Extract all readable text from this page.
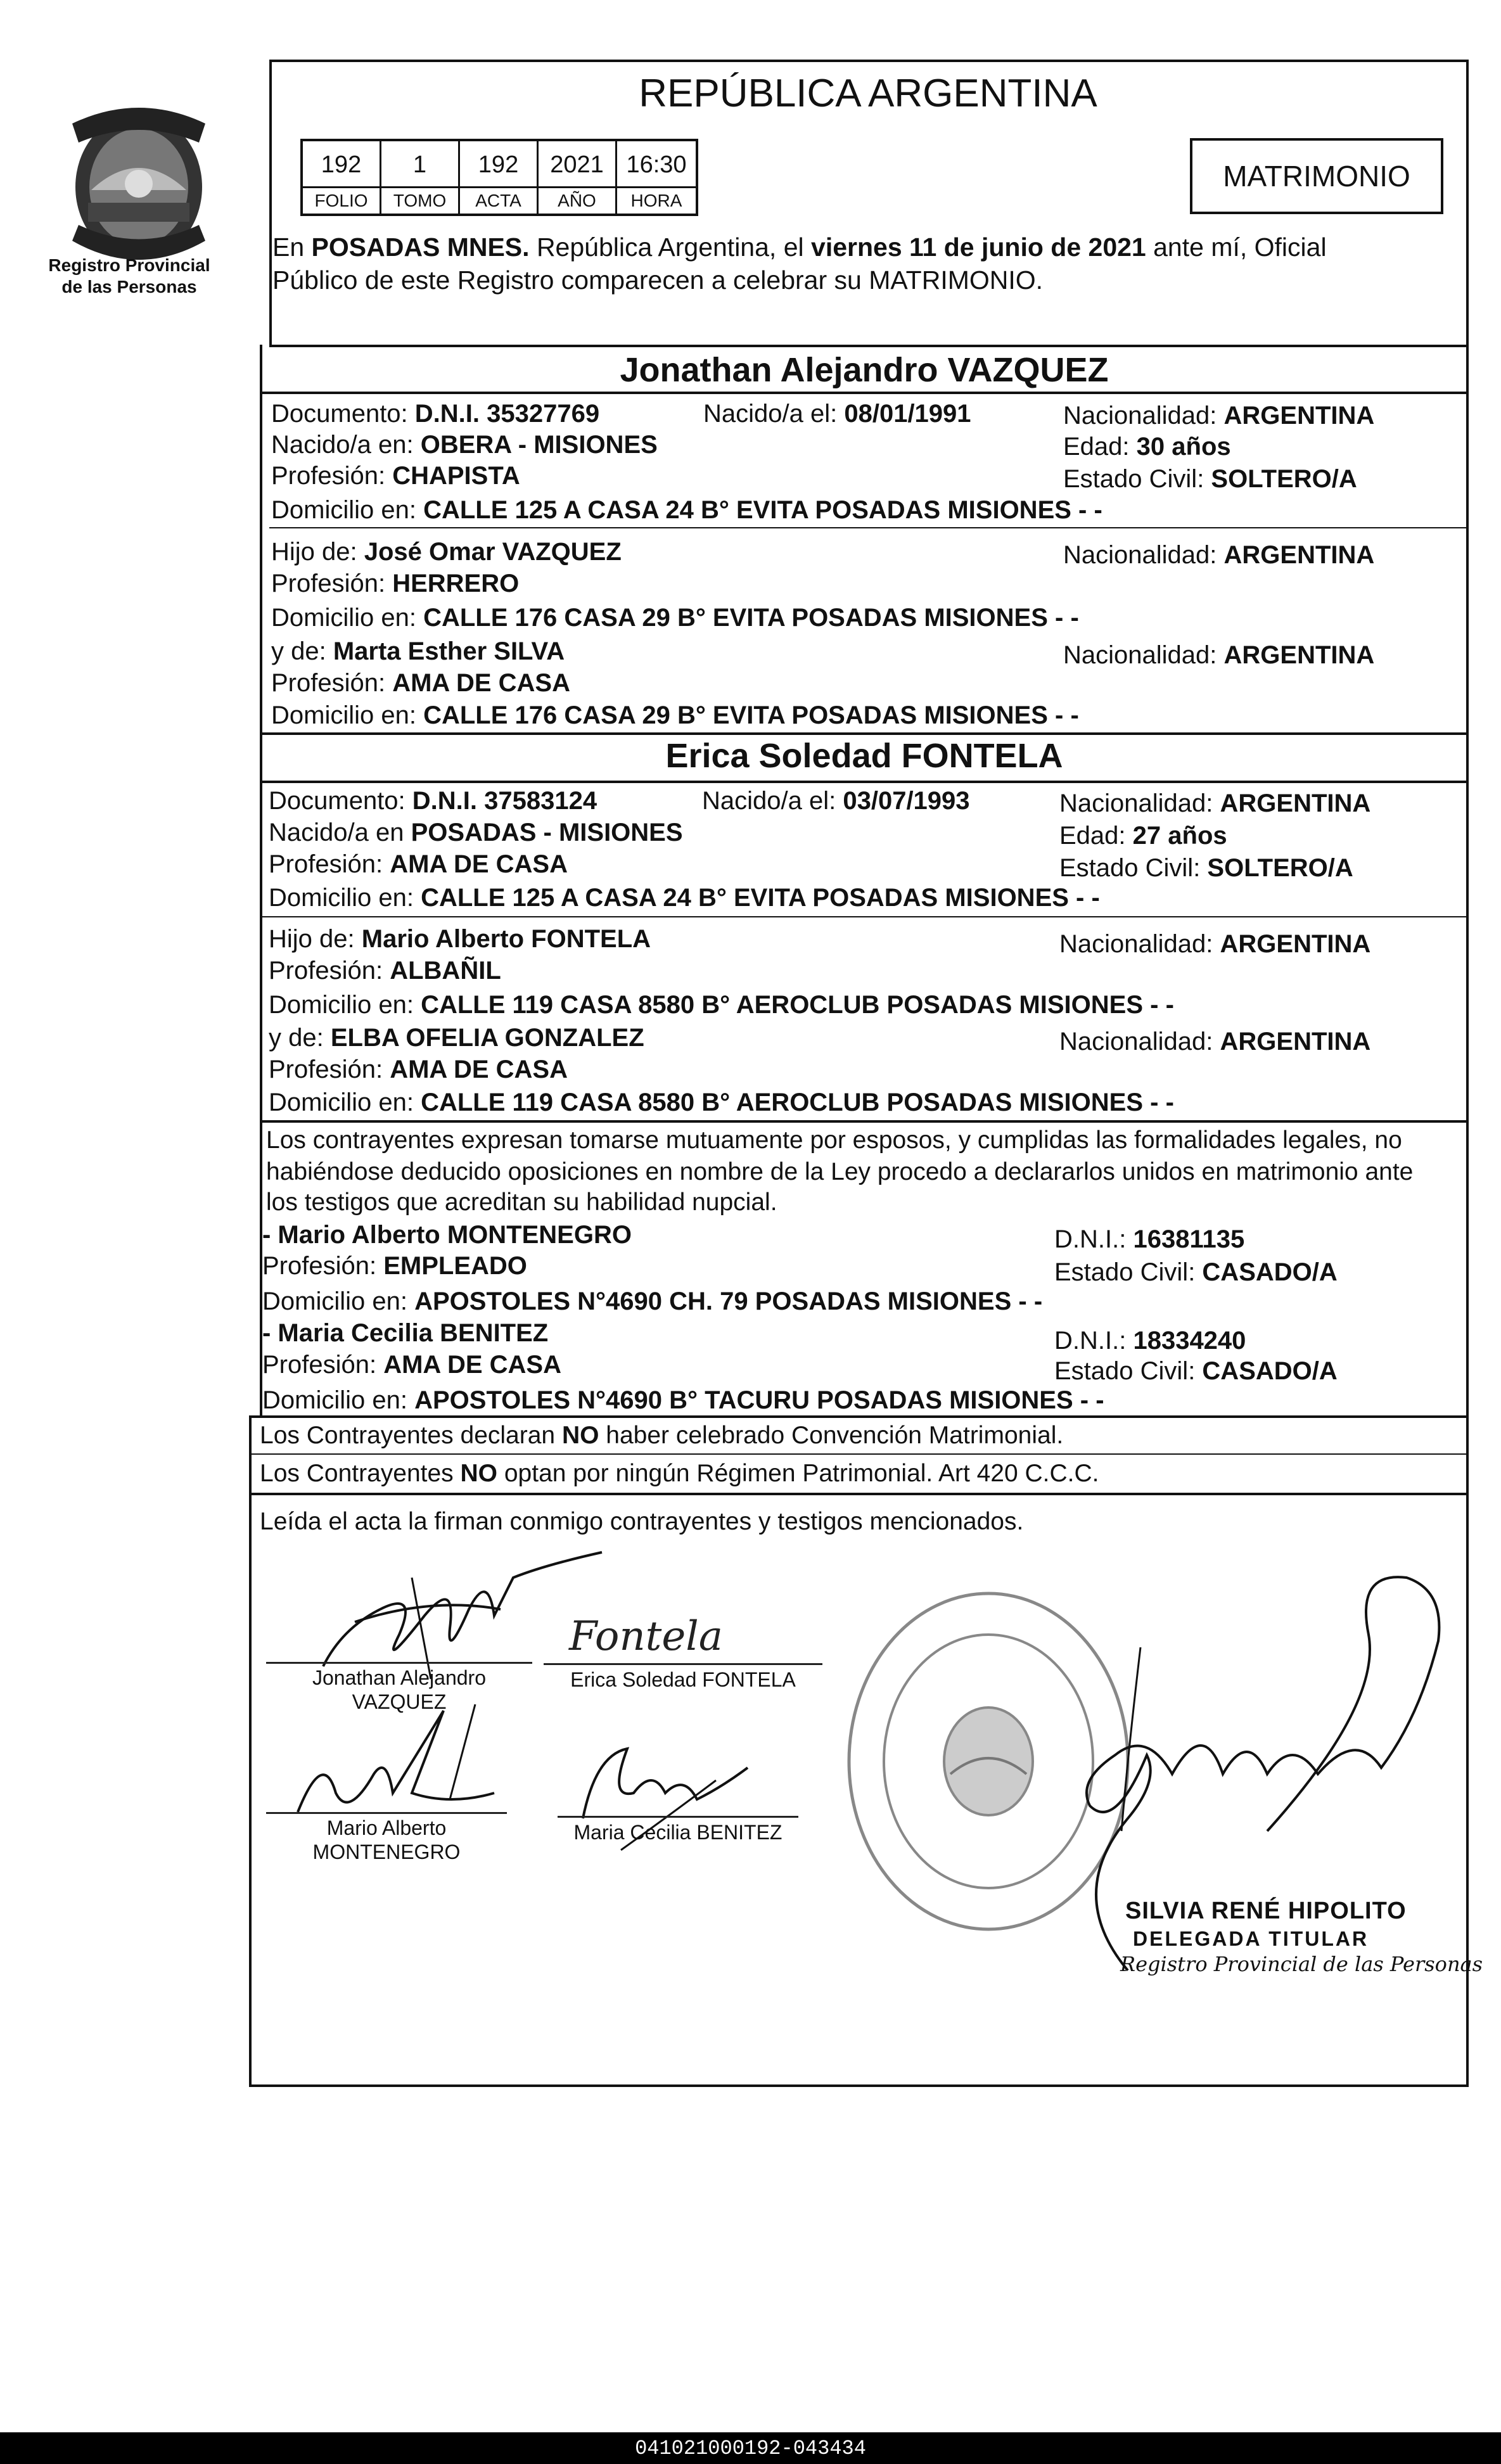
Registro Provincial
de las Personas
REPÚBLICA ARGENTINA
192	1	192	2021 16:30
FOLIO	TOMO	ACTA	AÑO	HORA
MATRIMONIO
En POSADAS MNES. República Argentina, el viernes 11 de junio de 2021 ante mí, Oficial
Público de este Registro comparecen a celebrar su MATRIMONIO.
Jonathan Alejandro VAZQUEZ
Documento: D.N.I. 35327769	Nacido/a el: 08/01/1991	Nacionalidad: ARGENTINA
Nacido/a en: OBERA - MISIONES	Edad: 30 años
Profesión: CHAPISTA	Estado Civil: SOLTERO/A
Domicilio en: CALLE 125 A CASA 24 B° EVITA POSADAS MISIONES - -
Hijo de: José Omar VAZQUEZ	Nacionalidad: ARGENTINA
Profesión: HERRERO
Domicilio en: CALLE 176 CASA 29 B° EVITA POSADAS MISIONES - -
y de: Marta Esther SILVA	Nacionalidad: ARGENTINA
Profesión: AMA DE CASA
Domicilio en: CALLE 176 CASA 29 B° EVITA POSADAS MISIONES - -
Erica Soledad FONTELA
Documento: D.N.I. 37583124	Nacido/a el: 03/07/1993	Nacionalidad: ARGENTINA
Nacido/a en POSADAS - MISIONES	Edad: 27 años
Profesión: AMA DE CASA	Estado Civil: SOLTERO/A
Domicilio en: CALLE 125 A CASA 24 B° EVITA POSADAS MISIONES - -
Hijo de: Mario Alberto FONTELA	Nacionalidad: ARGENTINA
Profesión: ALBAÑIL
Domicilio en: CALLE 119 CASA 8580 B° AEROCLUB POSADAS MISIONES - -
y de: ELBA OFELIA GONZALEZ	Nacionalidad: ARGENTINA
Profesión: AMA DE CASA
Domicilio en: CALLE 119 CASA 8580 B° AEROCLUB POSADAS MISIONES - -
Los contrayentes expresan tomarse mutuamente por esposos, y cumplidas las formalidades legales, no
habiéndose deducido oposiciones en nombre de la Ley procedo a declararlos unidos en matrimonio ante
los testigos que acreditan su habilidad nupcial.
- Mario Alberto MONTENEGRO	D.N.I.: 16381135
Profesión: EMPLEADO	Estado Civil: CASADO/A
Domicilio en: APOSTOLES N°4690 CH. 79 POSADAS MISIONES - -
- Maria Cecilia BENITEZ	D.N.I.: 18334240
Profesión: AMA DE CASA	Estado Civil: CASADO/A
Domicilio en: APOSTOLES N°4690 B° TACURU POSADAS MISIONES - -
Los Contrayentes declaran NO haber celebrado Convención Matrimonial.
Los Contrayentes NO optan por ningún Régimen Patrimonial. Art 420 C.C.C.
Leída el acta la firman conmigo contrayentes y testigos mencionados.
Jonathan Alejandro
VAZQUEZ
Fontela
Erica Soledad FONTELA
Mario Alberto
MONTENEGRO
Maria Cecilia BENITEZ
SILVIA RENÉ HIPOLITO
DELEGADA TITULAR
Registro Provincial de las Personas
041021000192-043434
